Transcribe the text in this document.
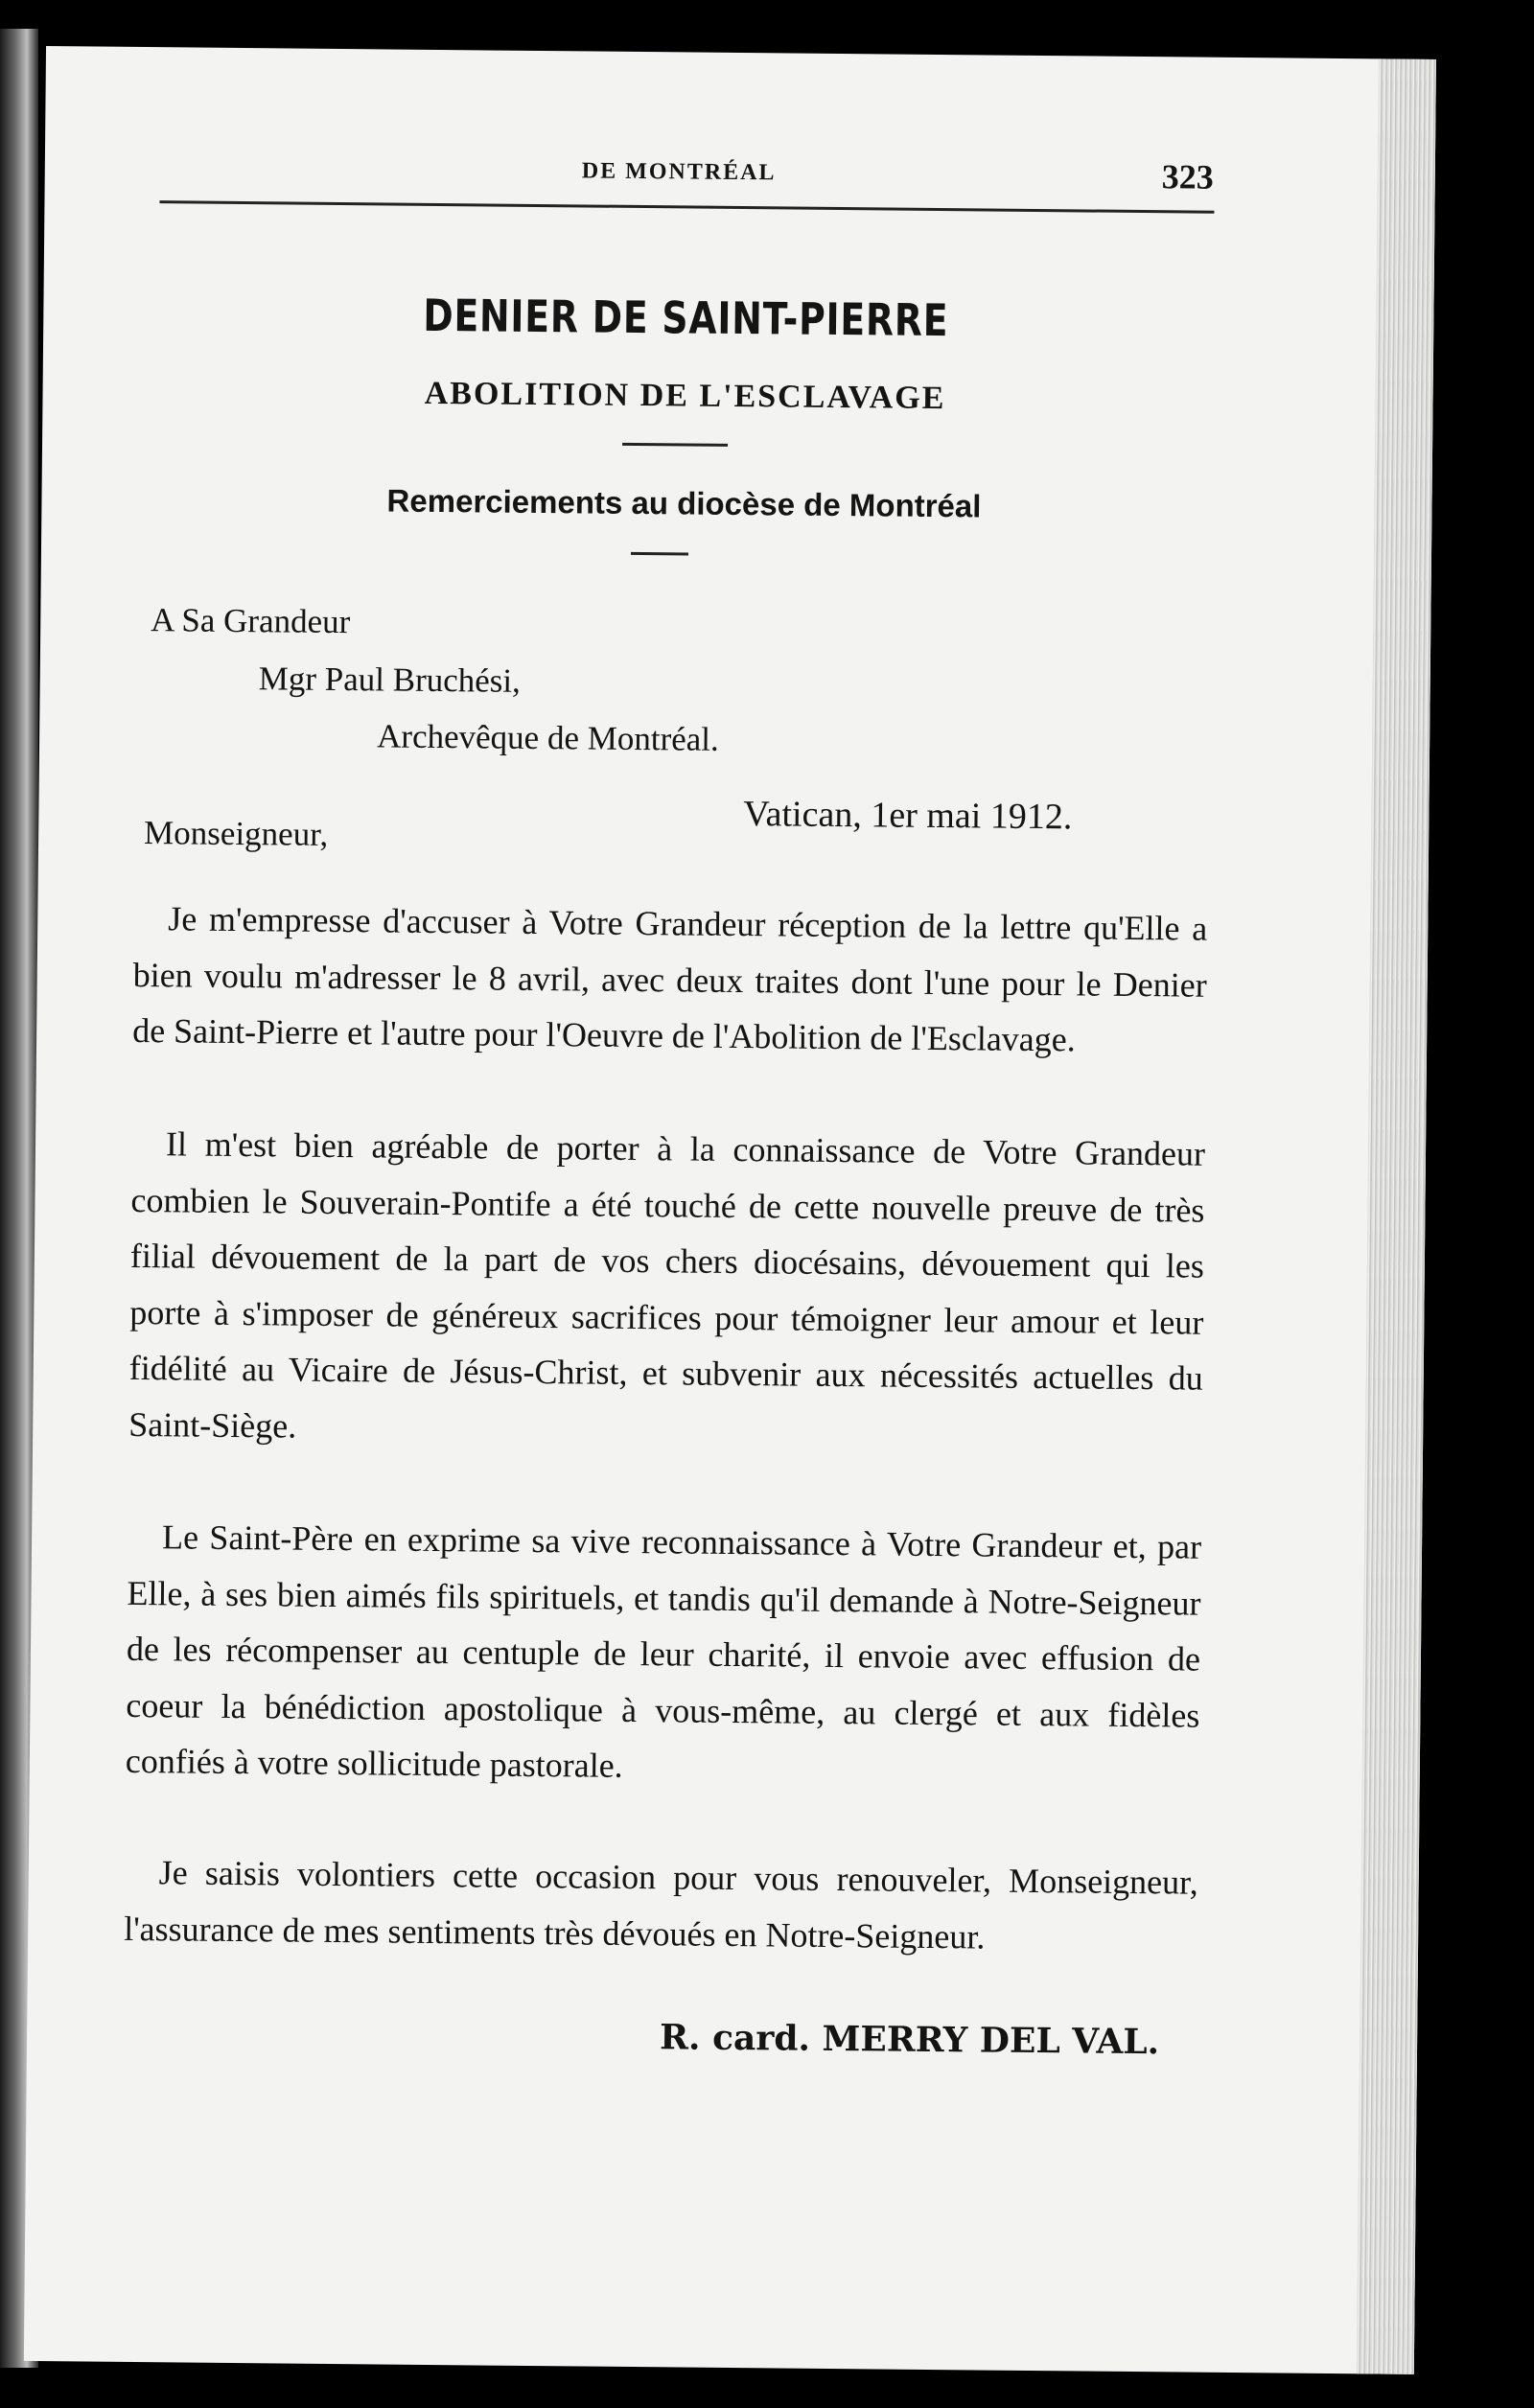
DE MONTRÉAL	323
DENIER DE SAINT-PIERRE
ABOLITION DE L'ESCLAVAGE
Remerciements au diocèse de Montréal
A Sa Grandeur
Mgr Paul Bruchési,
Archevêque de Montréal.
Vatican, 1er mai 1912.
Monseigneur,
Je m'empresse d'accuser à Votre Grandeur réception de la lettre qu'Elle a bien voulu m'adresser le 8 avril, avec deux traites dont l'une pour le Denier de Saint-Pierre et l'autre pour l'Oeuvre de l'Abolition de l'Esclavage.
Il m'est bien agréable de porter à la connaissance de Votre Grandeur combien le Souverain-Pontife a été touché de cette nouvelle preuve de très filial dévouement de la part de vos chers diocésains, dévouement qui les porte à s'imposer de généreux sacrifices pour témoigner leur amour et leur fidélité au Vicaire de Jésus-Christ, et subvenir aux nécessités actuelles du Saint-Siège.
Le Saint-Père en exprime sa vive reconnaissance à Votre Grandeur et, par Elle, à ses bien aimés fils spirituels, et tandis qu'il demande à Notre-Seigneur de les récompenser au centuple de leur charité, il envoie avec effusion de coeur la bénédiction apostolique à vous-même, au clergé et aux fidèles confiés à votre sollicitude pastorale.
Je saisis volontiers cette occasion pour vous renouveler, Monseigneur, l'assurance de mes sentiments très dévoués en Notre-Seigneur.
R. card. MERRY DEL VAL.
